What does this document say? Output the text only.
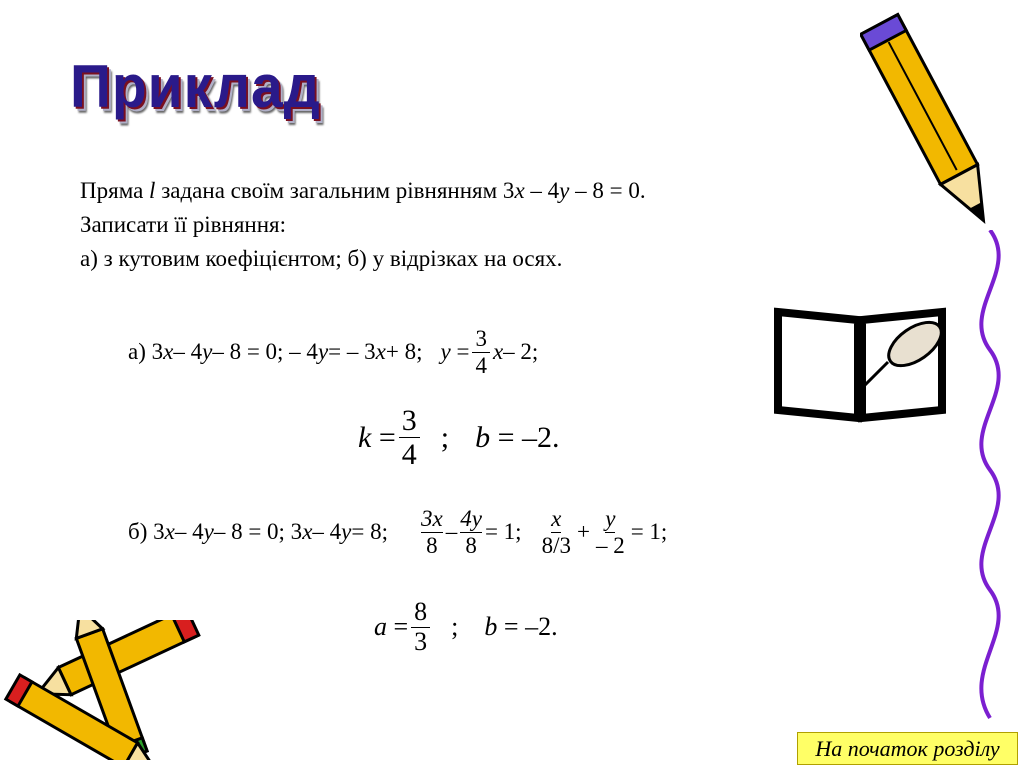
Приклад
Пряма l задана своїм загальним рівнянням 3x – 4y – 8 = 0.
Записати її рівняння:
а) з кутовим коефіцієнтом; б) у відрізках на осях.
а) 3 x – 4 y – 8 = 0; – 4 y = – 3 x + 8; $y = \frac{3}{4}$ x – 2;
$k = \frac{3}{4}$ ; b = –2.
б) 3 x – 4 y – 8 = 0; 3 x – 4 y = 8; $\frac{3x}{8} - \frac{4y}{8} = 1$; $\frac{x}{8/3} + \frac{y}{- 2} = 1$;
$a = \frac{8}{3}$ ; b = –2.
На початок розділу
